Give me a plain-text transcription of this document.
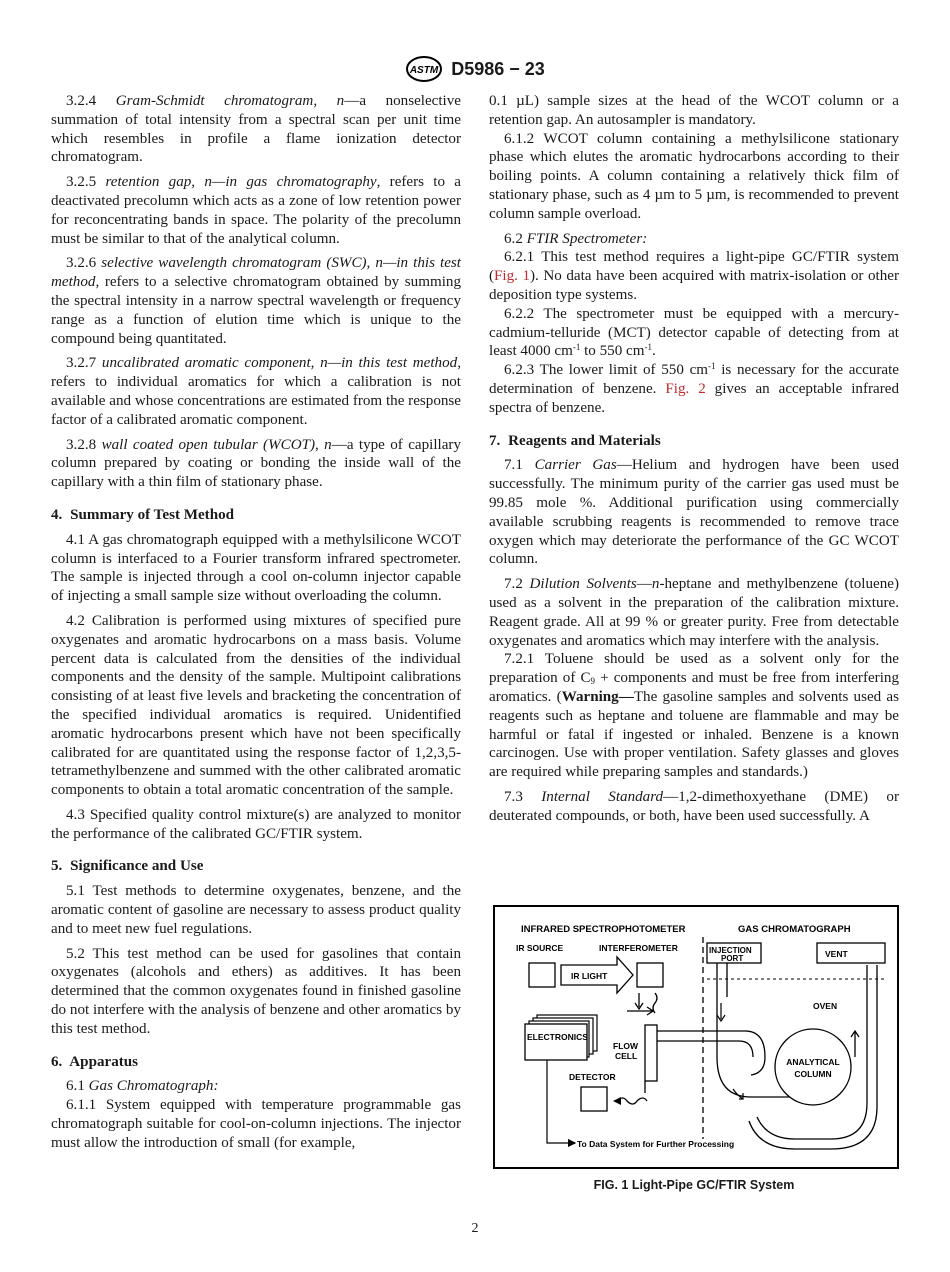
ASTM D5986 − 23

3.2.4 Gram-Schmidt chromatogram, n—a nonselective summation of total intensity from a spectral scan per unit time which resembles in profile a flame ionization detector chromatogram.

3.2.5 retention gap, n—in gas chromatography, refers to a deactivated precolumn which acts as a zone of low retention power for reconcentrating bands in space. The polarity of the precolumn must be similar to that of the analytical column.

3.2.6 selective wavelength chromatogram (SWC), n—in this test method, refers to a selective chromatogram obtained by summing the spectral intensity in a narrow spectral wavelength or frequency range as a function of elution time which is unique to the compound being quantitated.

3.2.7 uncalibrated aromatic component, n—in this test method, refers to individual aromatics for which a calibration is not available and whose concentrations are estimated from the response factor of a calibrated aromatic component.

3.2.8 wall coated open tubular (WCOT), n—a type of capillary column prepared by coating or bonding the inside wall of the capillary with a thin film of stationary phase.

4. Summary of Test Method

4.1 A gas chromatograph equipped with a methylsilicone WCOT column is interfaced to a Fourier transform infrared spectrometer. The sample is injected through a cool on-column injector capable of injecting a small sample size without overloading the column.

4.2 Calibration is performed using mixtures of specified pure oxygenates and aromatic hydrocarbons on a mass basis. Volume percent data is calculated from the densities of the individual components and the density of the sample. Multipoint calibrations consisting of at least five levels and bracketing the concentration of the specified individual aromatics is required. Unidentified aromatic hydrocarbons present which have not been specifically calibrated for are quantitated using the response factor of 1,2,3,5-tetramethylbenzene and summed with the other calibrated aromatic components to obtain a total aromatic concentration of the sample.

4.3 Specified quality control mixture(s) are analyzed to monitor the performance of the calibrated GC/FTIR system.

5. Significance and Use

5.1 Test methods to determine oxygenates, benzene, and the aromatic content of gasoline are necessary to assess product quality and to meet new fuel regulations.

5.2 This test method can be used for gasolines that contain oxygenates (alcohols and ethers) as additives. It has been determined that the common oxygenates found in finished gasoline do not interfere with the analysis of benzene and other aromatics by this test method.

6. Apparatus

6.1 Gas Chromatograph:

6.1.1 System equipped with temperature programmable gas chromatograph suitable for cool-on-column injections. The injector must allow the introduction of small (for example,

0.1 µL) sample sizes at the head of the WCOT column or a retention gap. An autosampler is mandatory.

6.1.2 WCOT column containing a methylsilicone stationary phase which elutes the aromatic hydrocarbons according to their boiling points. A column containing a relatively thick film of stationary phase, such as 4 µm to 5 µm, is recommended to prevent column sample overload.

6.2 FTIR Spectrometer:

6.2.1 This test method requires a light-pipe GC/FTIR system (Fig. 1). No data have been acquired with matrix-isolation or other deposition type systems.

6.2.2 The spectrometer must be equipped with a mercury-cadmium-telluride (MCT) detector capable of detecting from at least 4000 $cm^{-1}$ to 550 $cm^{-1}$.

6.2.3 The lower limit of 550 $cm^{-1}$ is necessary for the accurate determination of benzene. Fig. 2 gives an acceptable infrared spectra of benzene.

7. Reagents and Materials

7.1 Carrier Gas—Helium and hydrogen have been used successfully. The minimum purity of the carrier gas used must be 99.85 mole %. Additional purification using commercially available scrubbing reagents is recommended to remove trace oxygen which may deteriorate the performance of the GC WCOT column.

7.2 Dilution Solvents—n-heptane and methylbenzene (toluene) used as a solvent in the preparation of the calibration mixture. Reagent grade. All at 99 % or greater purity. Free from detectable oxygenates and aromatics which may interfere with the analysis.

7.2.1 Toluene should be used as a solvent only for the preparation of $C_9$ + components and must be free from interfering aromatics. (Warning—The gasoline samples and solvents used as reagents such as heptane and toluene are flammable and may be harmful or fatal if ingested or inhaled. Benzene is a known carcinogen. Use with proper ventilation. Safety glasses and gloves are required while preparing samples and standards.)

7.3 Internal Standard—1,2-dimethoxyethane (DME) or deuterated compounds, or both, have been used successfully. A

INFRARED SPECTROPHOTOMETER	GAS CHROMATOGRAPH
IR SOURCE
IR LIGHT
INTERFEROMETER
ELECTRONICS
FLOW
CELL
DETECTOR
INJECTION
PORT	VENT
OVEN
ANALYTICAL
COLUMN
To Data System for Further Processing
FIG. 1 Light-Pipe GC/FTIR System
2
